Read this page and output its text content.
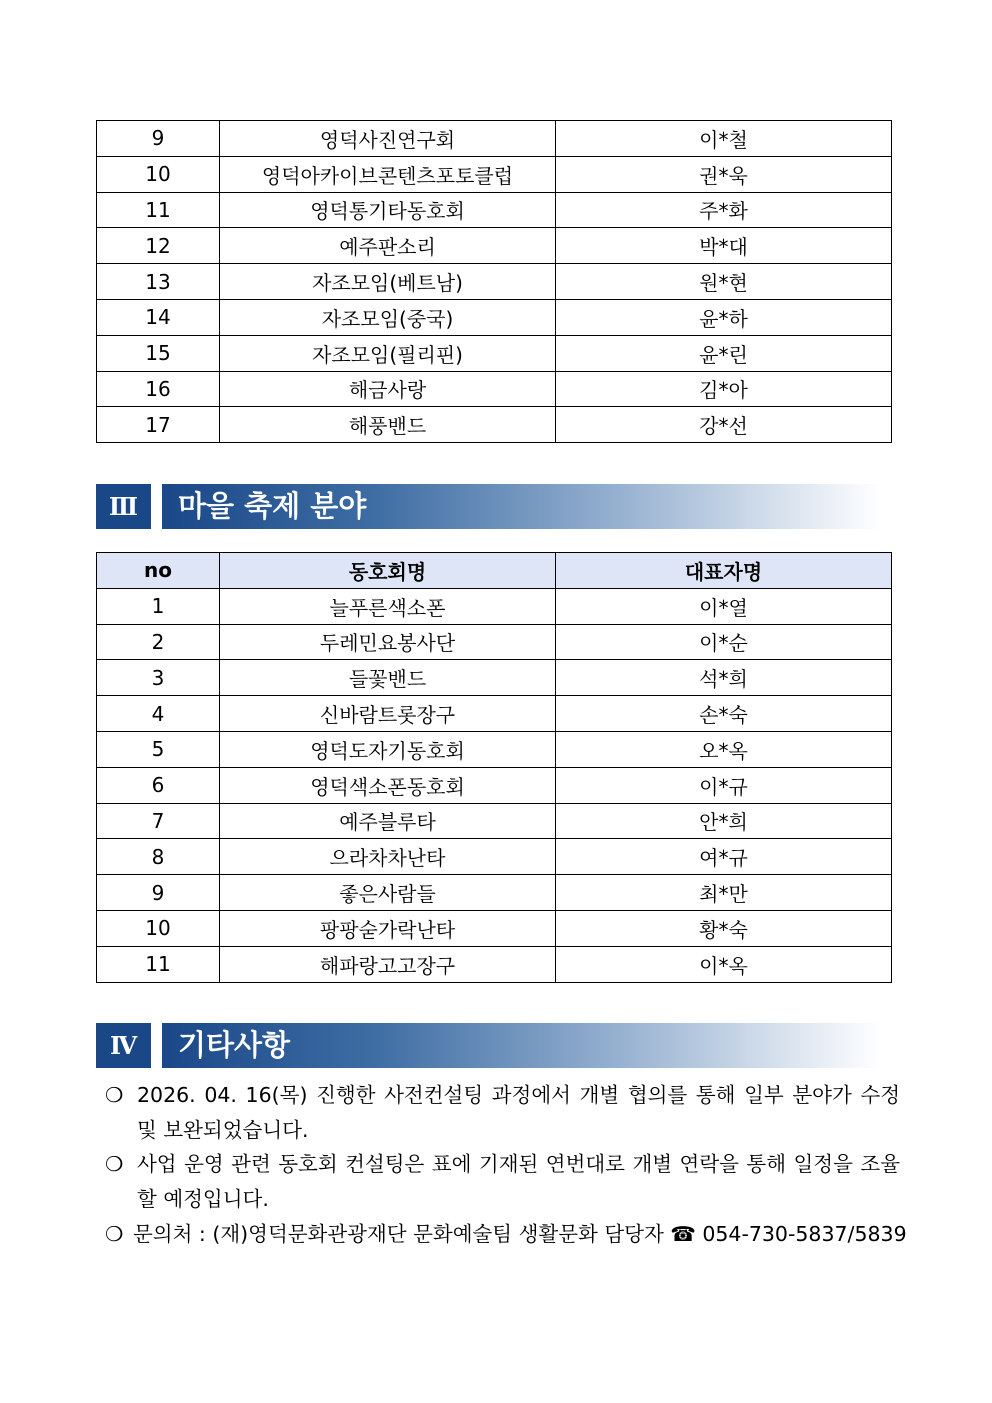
9	영덕사진연구회	이*철
10	영덕아카이브콘텐츠포토클럽	권*욱
11	영덕통기타동호회	주*화
12	예주판소리	박*대
13	자조모임(베트남)	원*현
14	자조모임(중국)	윤*하
15	자조모임(필리핀)	윤*린
16	해금사랑	김*아
17	해풍밴드	강*선
Ⅲ	마을 축제 분야
no	동호회명	대표자명
1	늘푸른색소폰	이*열
2	두레민요봉사단	이*순
3	들꽃밴드	석*희
4	신바람트롯장구	손*숙
5	영덕도자기동호회	오*옥
6	영덕색소폰동호회	이*규
7	예주블루타	안*희
8	으라차차난타	여*규
9	좋은사람들	최*만
10	팡팡숟가락난타	황*숙
11	해파랑고고장구	이*옥
Ⅳ	기타사항
❍ 2026. 04. 16(목) 진행한 사전컨설팅 과정에서 개별 협의를 통해 일부 분야가 수정 및 보완되었습니다.
❍ 사업 운영 관련 동호회 컨설팅은 표에 기재된 연번대로 개별 연락을 통해 일정을 조율할 예정입니다.
❍ 문의처 : (재)영덕문화관광재단 문화예술팀 생활문화 담당자 ☎ 054-730-5837/5839
